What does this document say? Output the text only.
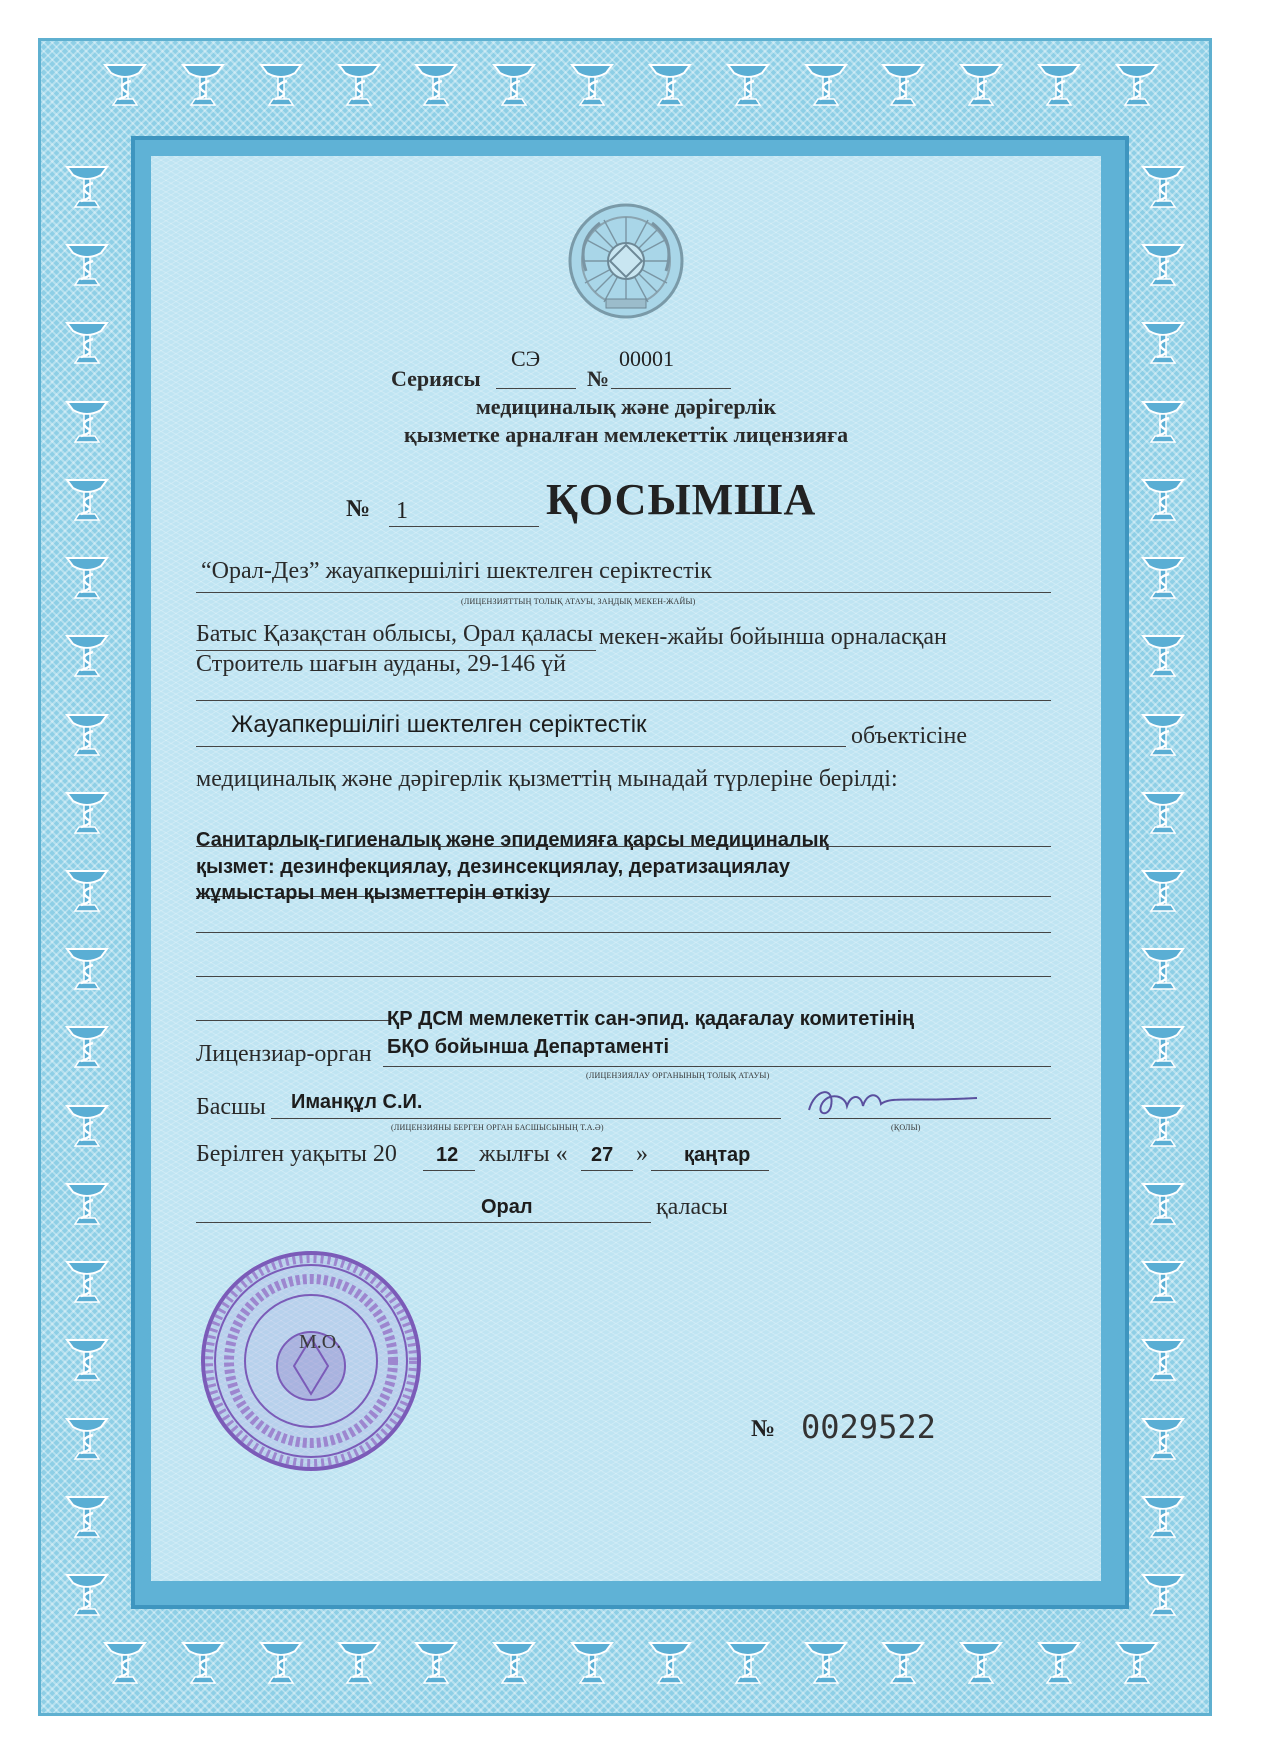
Сериясы
СЭ
№
00001
медициналық және дәрігерлік
қызметке арналған мемлекеттік лицензияға
№ 1	ҚОСЫМША
“Орал-Дез” жауапкершілігі шектелген серіктестік
(ЛИЦЕНЗИЯТТЫҢ ТОЛЫҚ АТАУЫ, ЗАҢДЫҚ МЕКЕН-ЖАЙЫ)
Батыс Қазақстан облысы, Орал қаласы мекен-жайы бойынша орналасқан
Строитель шағын ауданы, 29-146 үй
Жауапкершілігі шектелген серіктестік	объектісіне
медициналық және дәрігерлік қызметтің мынадай түрлеріне берілді:
Санитарлық-гигиеналық және эпидемияға қарсы медициналық
қызмет: дезинфекциялау, дезинсекциялау, дератизациялау
жұмыстары мен қызметтерін өткізу
ҚР ДСМ мемлекеттік сан-эпид. қадағалау комитетінің
Лицензиар-орган БҚО бойынша Департаменті
(ЛИЦЕНЗИЯЛАУ ОРГАНЫНЫҢ ТОЛЫҚ АТАУЫ)
Басшы Иманқұл С.И.
(ЛИЦЕНЗИЯНЫ БЕРГЕН ОРГАН БАСШЫСЫНЫҢ Т.А.Ә)	(ҚОЛЫ)
Берілген уақыты 20 12 жылғы « 27 » қаңтар
Орал	қаласы
М.О.
№ 0029522
